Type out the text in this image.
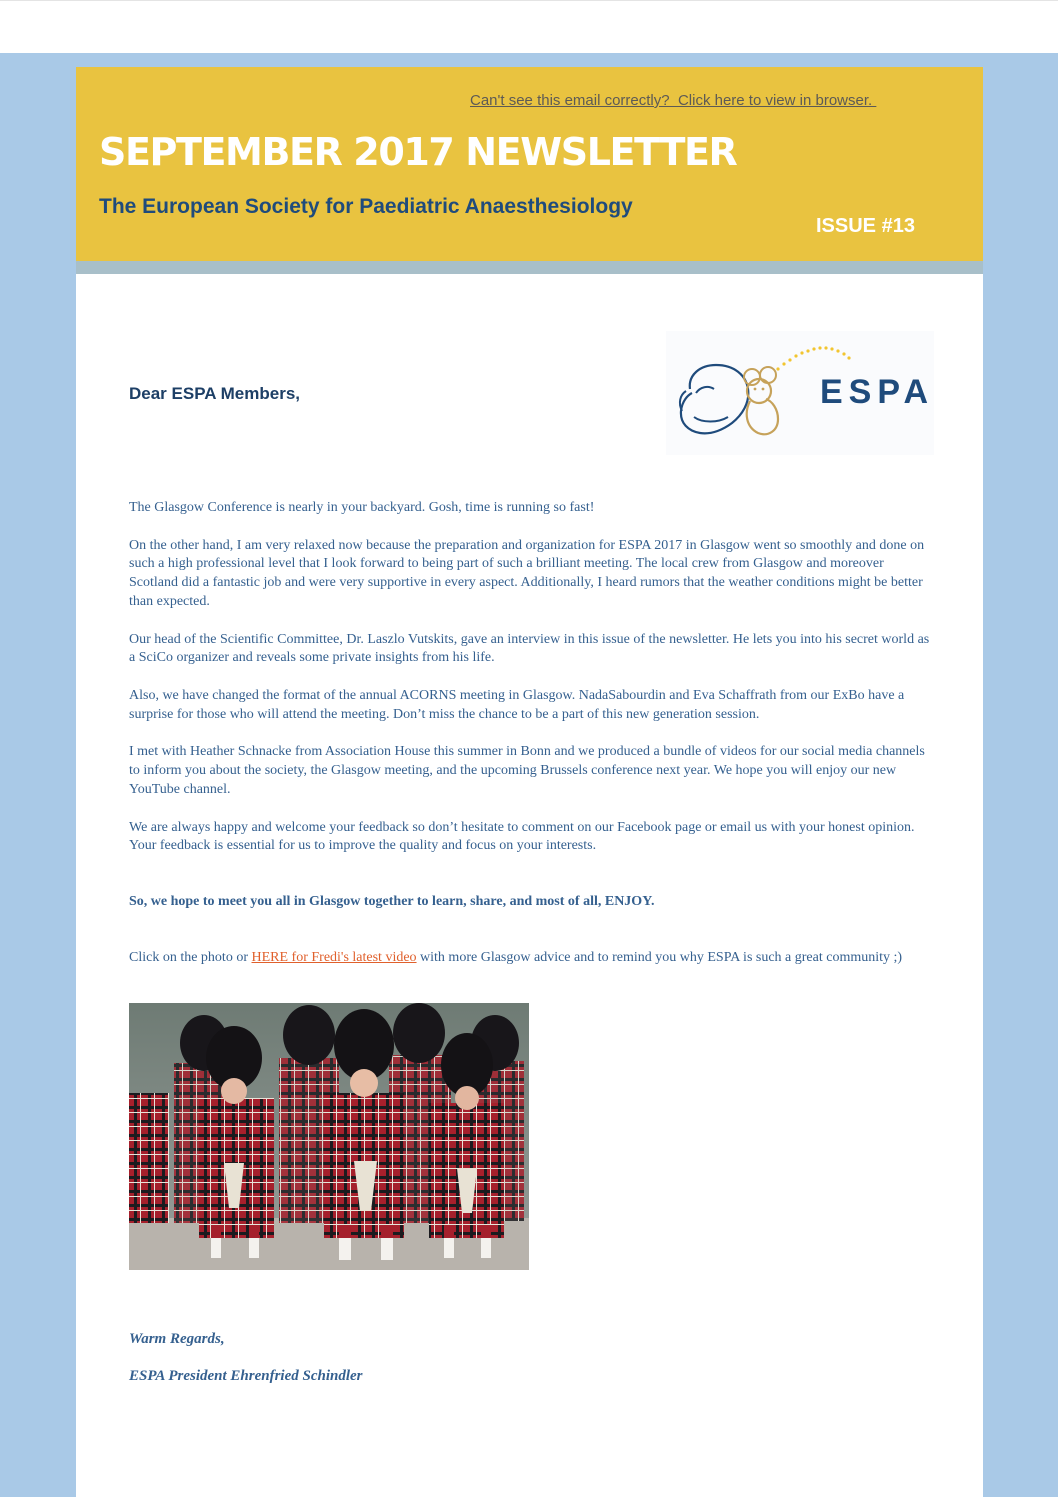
Can't see this email correctly?  Click here to view in browser.
SEPTEMBER 2017 NEWSLETTER
The European Society for Paediatric Anaesthesiology
ISSUE #13
Dear ESPA Members,	ESPA

The Glasgow Conference is nearly in your backyard. Gosh, time is running so fast!

On the other hand, I am very relaxed now because the preparation and organization for ESPA 2017 in Glasgow went so smoothly and done on such a high professional level that I look forward to being part of such a brilliant meeting. The local crew from Glasgow and moreover Scotland did a fantastic job and were very supportive in every aspect. Additionally, I heard rumors that the weather conditions might be better than expected.

Our head of the Scientific Committee, Dr. Laszlo Vutskits, gave an interview in this issue of the newsletter. He lets you into his secret world as a SciCo organizer and reveals some private insights from his life.

Also, we have changed the format of the annual ACORNS meeting in Glasgow. NadaSabourdin and Eva Schaffrath from our ExBo have a surprise for those who will attend the meeting. Don’t miss the chance to be a part of this new generation session.

I met with Heather Schnacke from Association House this summer in Bonn and we produced a bundle of videos for our social media channels to inform you about the society, the Glasgow meeting, and the upcoming Brussels conference next year. We hope you will enjoy our new YouTube channel.

We are always happy and welcome your feedback so don’t hesitate to comment on our Facebook page or email us with your honest opinion. Your feedback is essential for us to improve the quality and focus on your interests.

So, we hope to meet you all in Glasgow together to learn, share, and most of all, ENJOY.

Click on the photo or HERE for Fredi's latest video with more Glasgow advice and to remind you why ESPA is such a great community ;)

Warm Regards,
ESPA President Ehrenfried Schindler
